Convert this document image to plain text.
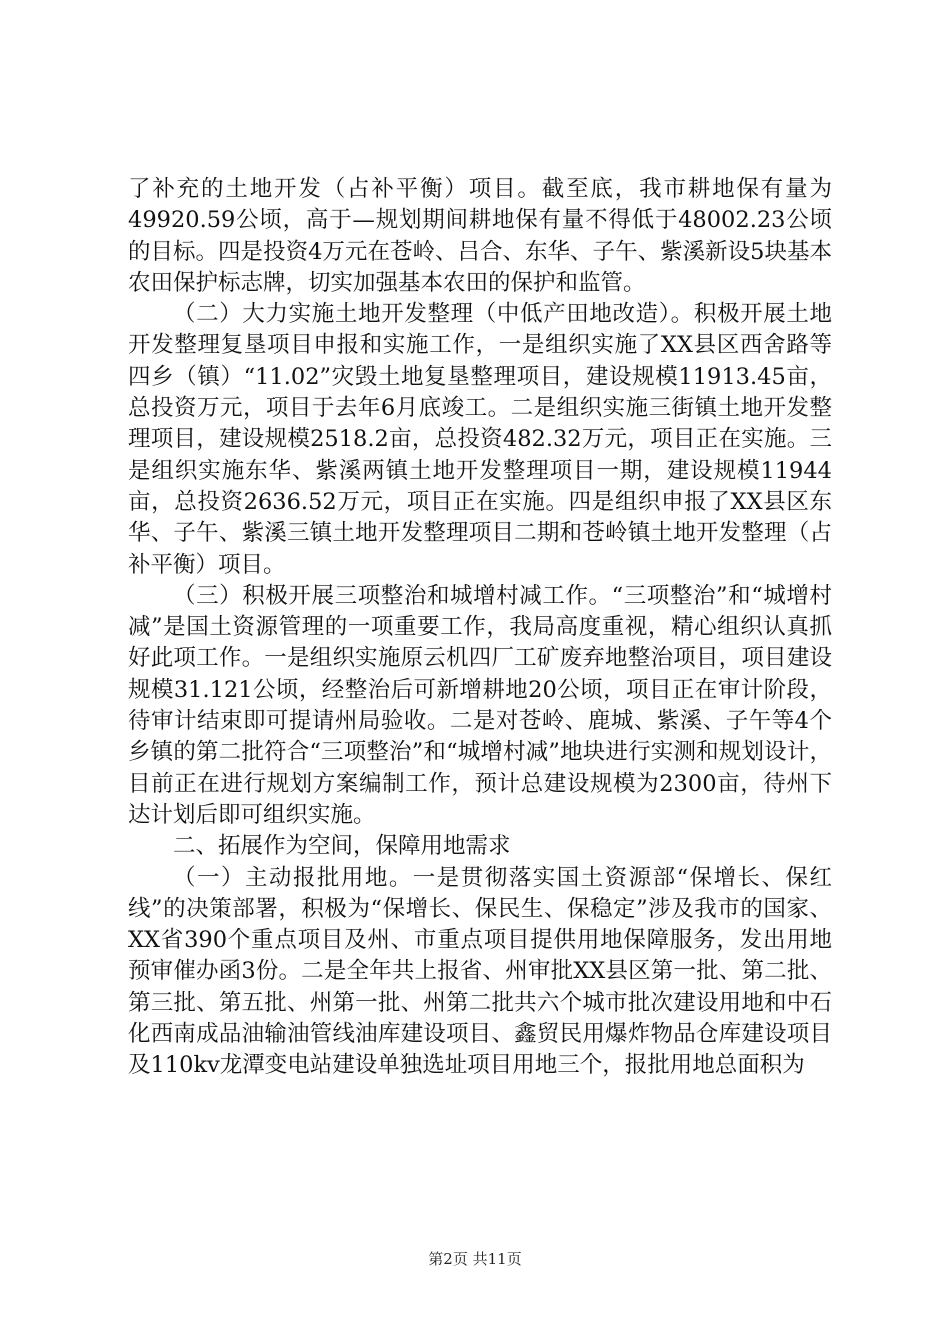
了补充的土地开发（占补平衡）项目。截至底，我市耕地保有量为49920.59公顷，高于—规划期间耕地保有量不得低于48002.23公顷的目标。四是投资4万元在苍岭、吕合、东华、子午、紫溪新设5块基本农田保护标志牌，切实加强基本农田的保护和监管。

（二）大力实施土地开发整理（中低产田地改造）。积极开展土地开发整理复垦项目申报和实施工作，一是组织实施了XX县区西舍路等四乡（镇）“11.02”灾毁土地复垦整理项目，建设规模11913.45亩，总投资万元，项目于去年6月底竣工。二是组织实施三街镇土地开发整理项目，建设规模2518.2亩，总投资482.32万元，项目正在实施。三是组织实施东华、紫溪两镇土地开发整理项目一期，建设规模11944亩，总投资2636.52万元，项目正在实施。四是组织申报了XX县区东华、子午、紫溪三镇土地开发整理项目二期和苍岭镇土地开发整理（占补平衡）项目。

（三）积极开展三项整治和城增村减工作。“三项整治”和“城增村减”是国土资源管理的一项重要工作，我局高度重视，精心组织认真抓好此项工作。一是组织实施原云机四厂工矿废弃地整治项目，项目建设规模31.121公顷，经整治后可新增耕地20公顷，项目正在审计阶段，待审计结束即可提请州局验收。二是对苍岭、鹿城、紫溪、子午等4个乡镇的第二批符合“三项整治”和“城增村减”地块进行实测和规划设计，目前正在进行规划方案编制工作，预计总建设规模为2300亩，待州下达计划后即可组织实施。

二、拓展作为空间，保障用地需求

（一）主动报批用地。一是贯彻落实国土资源部“保增长、保红线”的决策部署，积极为“保增长、保民生、保稳定”涉及我市的国家、XX省390个重点项目及州、市重点项目提供用地保障服务，发出用地预审催办函3份。二是全年共上报省、州审批XX县区第一批、第二批、第三批、第五批、州第一批、州第二批共六个城市批次建设用地和中石化西南成品油输油管线油库建设项目、鑫贸民用爆炸物品仓库建设项目及110kv龙潭变电站建设单独选址项目用地三个，报批用地总面积为

第2页 共11页
